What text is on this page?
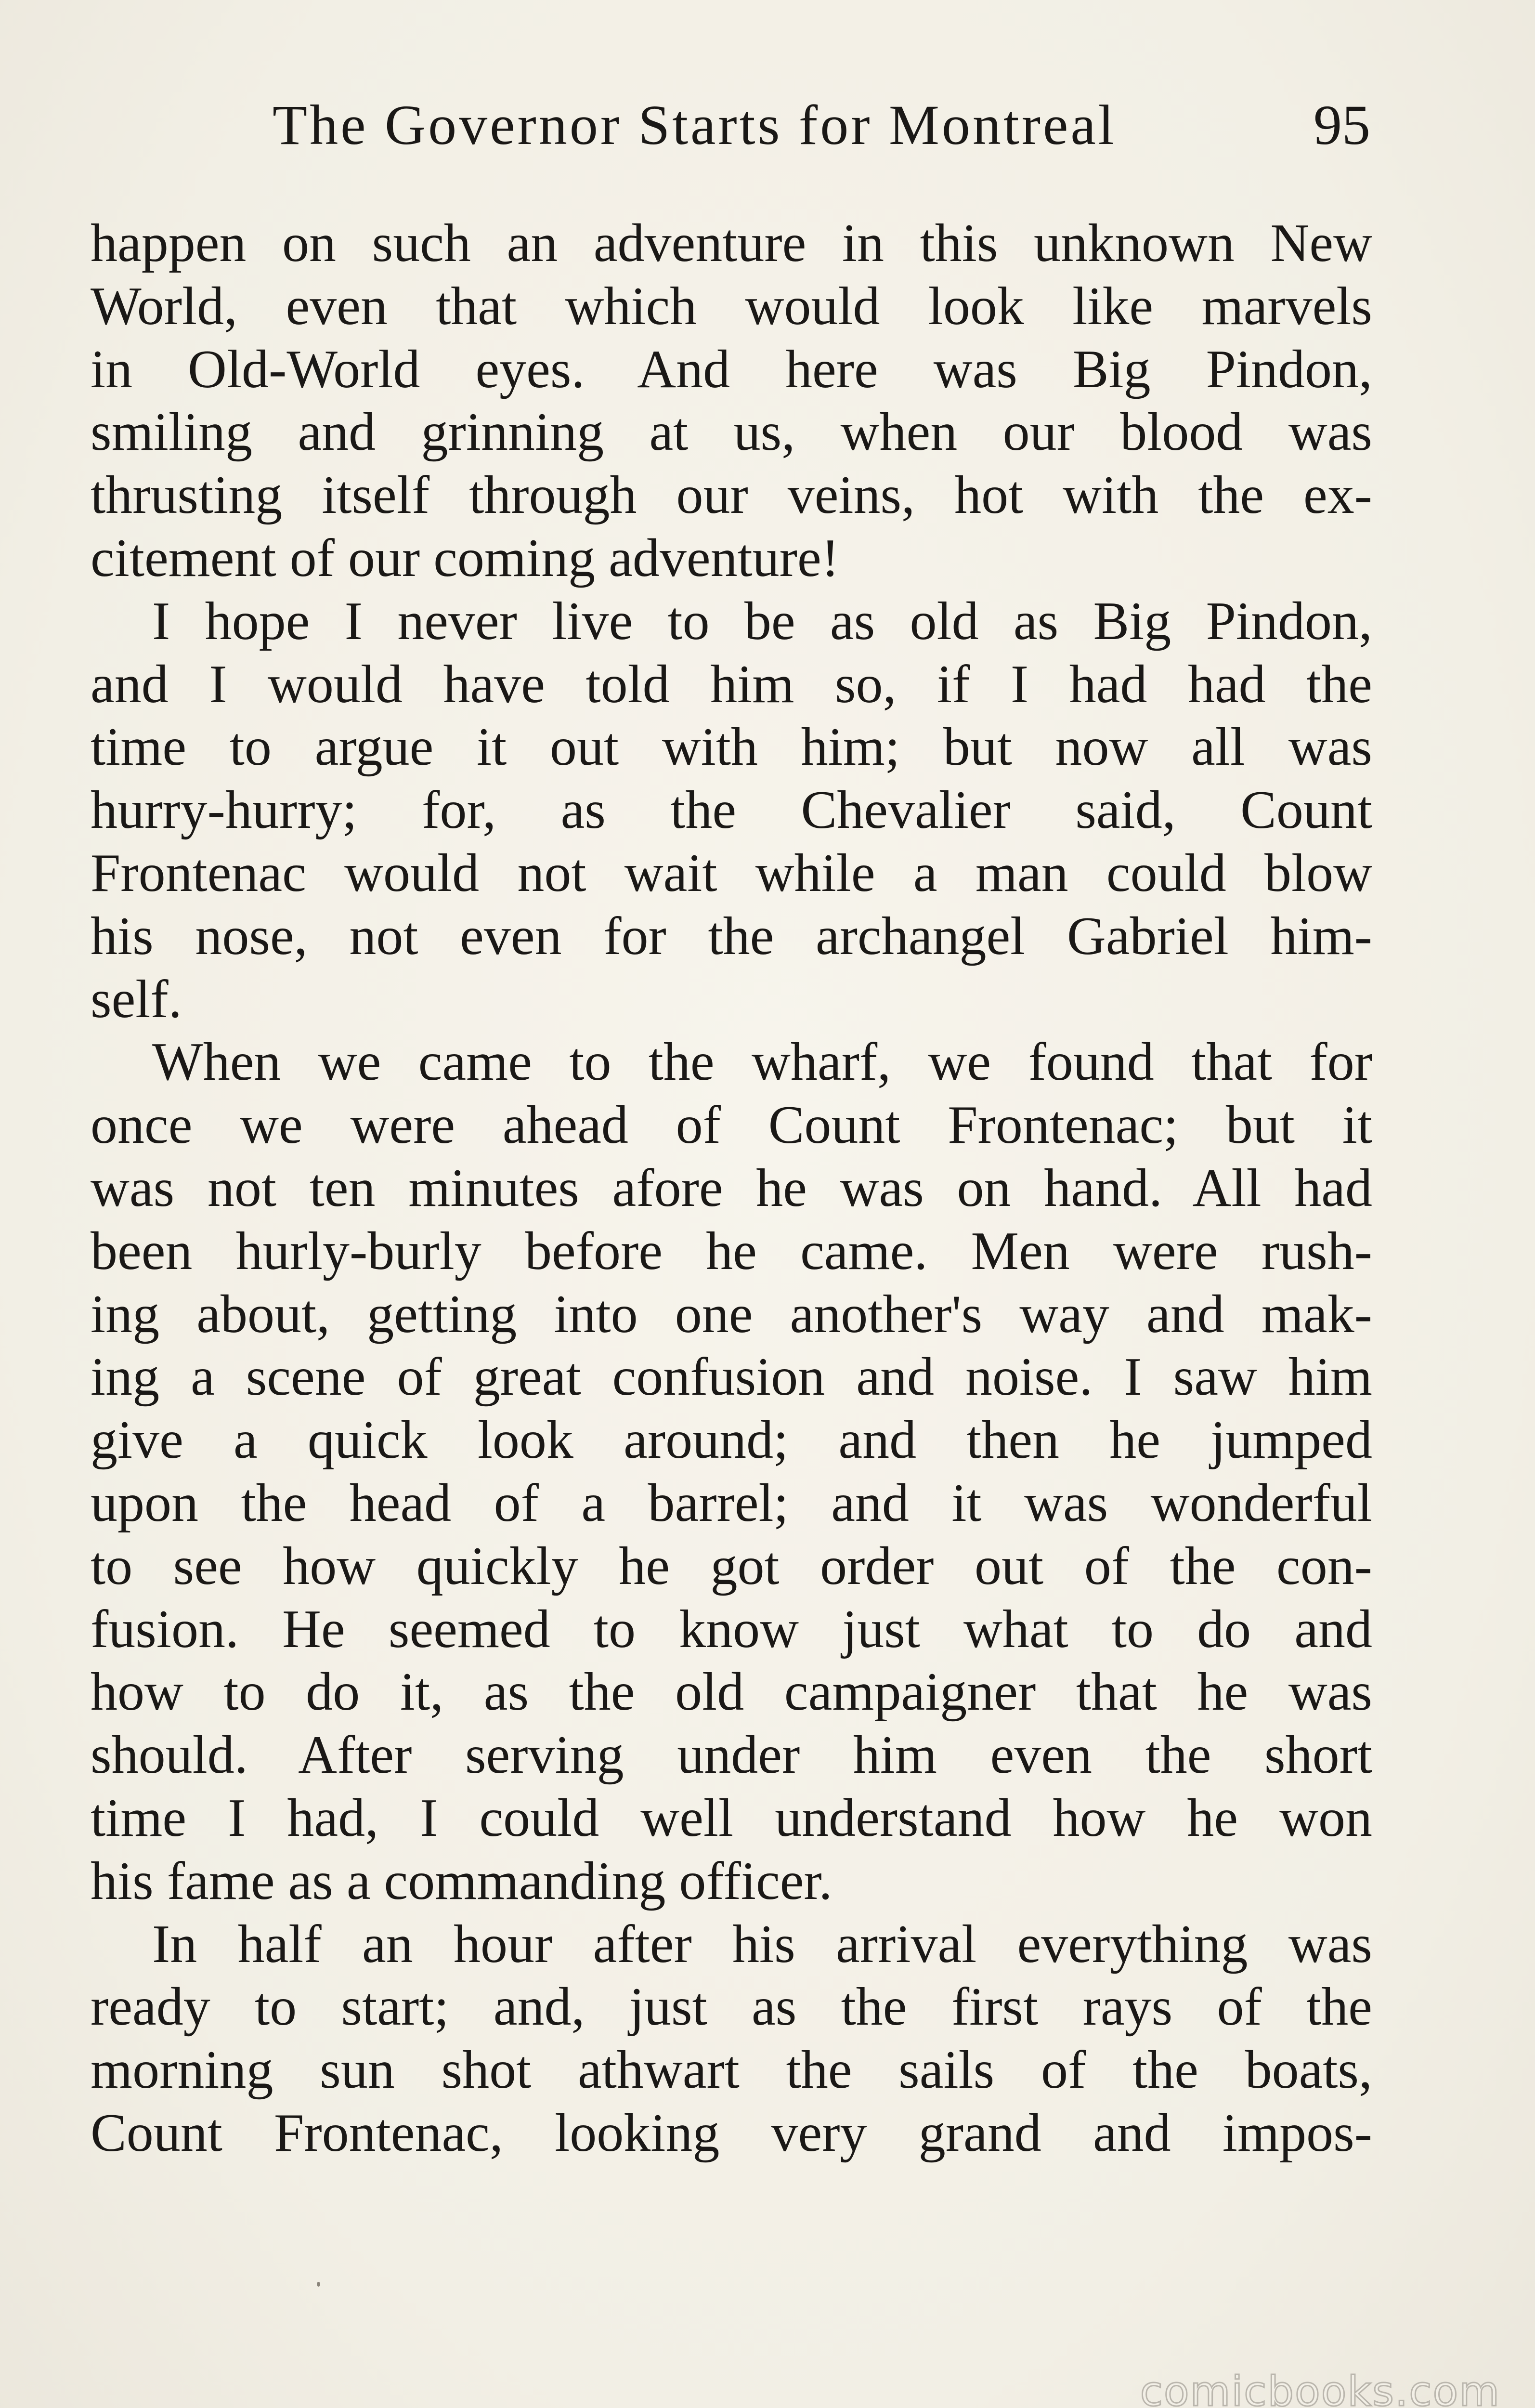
The Governor Starts for Montreal	95
happen on such an adventure in this unknown New
World, even that which would look like marvels
in Old-World eyes. And here was Big Pindon,
smiling and grinning at us, when our blood was
thrusting itself through our veins, hot with the ex-
citement of our coming adventure!
I hope I never live to be as old as Big Pindon,
and I would have told him so, if I had had the
time to argue it out with him; but now all was
hurry-hurry; for, as the Chevalier said, Count
Frontenac would not wait while a man could blow
his nose, not even for the archangel Gabriel him-
self.
When we came to the wharf, we found that for
once we were ahead of Count Frontenac; but it
was not ten minutes afore he was on hand. All had
been hurly-burly before he came. Men were rush-
ing about, getting into one another's way and mak-
ing a scene of great confusion and noise. I saw him
give a quick look around; and then he jumped
upon the head of a barrel; and it was wonderful
to see how quickly he got order out of the con-
fusion. He seemed to know just what to do and
how to do it, as the old campaigner that he was
should. After serving under him even the short
time I had, I could well understand how he won
his fame as a commanding officer.
In half an hour after his arrival everything was
ready to start; and, just as the first rays of the
morning sun shot athwart the sails of the boats,
Count Frontenac, looking very grand and impos-
comicbooks.com
